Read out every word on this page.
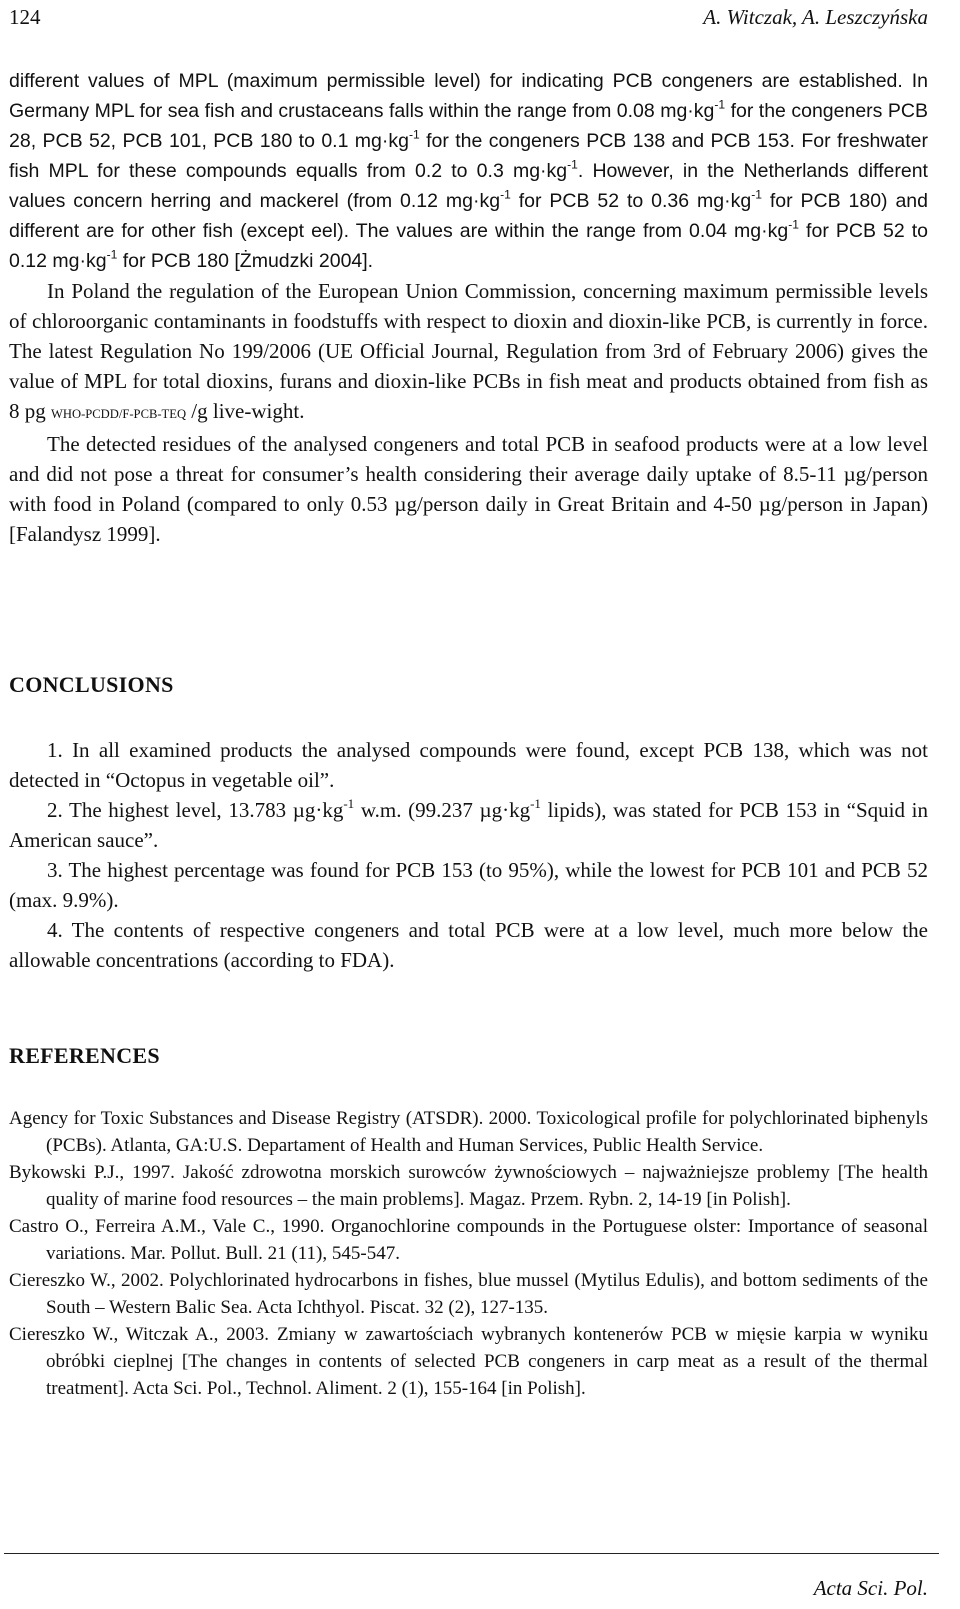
124	A. Witczak, A. Leszczyńska

different values of MPL (maximum permissible level) for indicating PCB congeners are established. In Germany MPL for sea fish and crustaceans falls within the range from 0.08 $mg\cdot kg^{-1}$ for the congeners PCB 28, PCB 52, PCB 101, PCB 180 to 0.1 $mg\cdot kg^{-1}$ for the congeners PCB 138 and PCB 153. For freshwater fish MPL for these compounds equalls from 0.2 to 0.3 $mg\cdot kg^{-1}$. However, in the Netherlands different values concern herring and mackerel (from 0.12 $mg\cdot kg^{-1}$ for PCB 52 to 0.36 $mg\cdot kg^{-1}$ for PCB 180) and different are for other fish (except eel). The values are within the range from 0.04 $mg\cdot kg^{-1}$ for PCB 52 to 0.12 $mg\cdot kg^{-1}$ for PCB 180 [Żmudzki 2004].

In Poland the regulation of the European Union Commission, concerning maximum permissible levels of chloroorganic contaminants in foodstuffs with respect to dioxin and dioxin-like PCB, is currently in force. The latest Regulation No 199/2006 (UE Official Journal, Regulation from 3rd of February 2006) gives the value of MPL for total dioxins, furans and dioxin-like PCBs in fish meat and products obtained from fish as 8 pg WHO-PCDD/F-PCB-TEQ /g live-wight.

The detected residues of the analysed congeners and total PCB in seafood products were at a low level and did not pose a threat for consumer’s health considering their average daily uptake of 8.5-11 µg/person with food in Poland (compared to only 0.53 µg/person daily in Great Britain and 4-50 µg/person in Japan) [Falandysz 1999].

CONCLUSIONS

1. In all examined products the analysed compounds were found, except PCB 138, which was not detected in “Octopus in vegetable oil”.

2. The highest level, 13.783 $\mu g\cdot kg^{-1}$ w.m. (99.237 $\mu g\cdot kg^{-1}$ lipids), was stated for PCB 153 in “Squid in American sauce”.

3. The highest percentage was found for PCB 153 (to 95%), while the lowest for PCB 101 and PCB 52 (max. 9.9%).

4. The contents of respective congeners and total PCB were at a low level, much more below the allowable concentrations (according to FDA).

REFERENCES

Agency for Toxic Substances and Disease Registry (ATSDR). 2000. Toxicological profile for polychlorinated biphenyls (PCBs). Atlanta, GA:U.S. Departament of Health and Human Services, Public Health Service.

Bykowski P.J., 1997. Jakość zdrowotna morskich surowców żywnościowych – najważniejsze problemy [The health quality of marine food resources – the main problems]. Magaz. Przem. Rybn. 2, 14-19 [in Polish].

Castro O., Ferreira A.M., Vale C., 1990. Organochlorine compounds in the Portuguese olster: Importance of seasonal variations. Mar. Pollut. Bull. 21 (11), 545-547.

Ciereszko W., 2002. Polychlorinated hydrocarbons in fishes, blue mussel (Mytilus Edulis), and bottom sediments of the South – Western Balic Sea. Acta Ichthyol. Piscat. 32 (2), 127-135.

Ciereszko W., Witczak A., 2003. Zmiany w zawartościach wybranych kontenerów PCB w mięsie karpia w wyniku obróbki cieplnej [The changes in contents of selected PCB congeners in carp meat as a result of the thermal treatment]. Acta Sci. Pol., Technol. Aliment. 2 (1), 155-164 [in Polish].

Acta Sci. Pol.
